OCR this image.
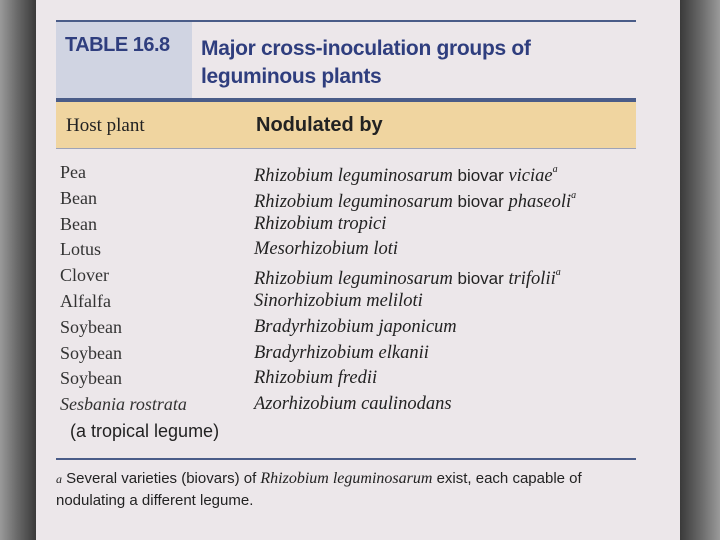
TABLE 16.8 Major cross-inoculation groups of
leguminous plants
Host plant	Nodulated by
Pea	Rhizobium leguminosarum biovar viciae$^a$
Bean	Rhizobium leguminosarum biovar phaseoli$^a$
Bean	Rhizobium tropici
Lotus	Mesorhizobium loti
Clover	Rhizobium leguminosarum biovar trifolii$^a$
Alfalfa	Sinorhizobium meliloti
Soybean	Bradyrhizobium japonicum
Soybean	Bradyrhizobium elkanii
Soybean	Rhizobium fredii
Sesbania rostrata	Azorhizobium caulinodans
(a tropical legume)
a Several varieties (biovars) of Rhizobium leguminosarum exist, each capable of nodulating a different legume.
